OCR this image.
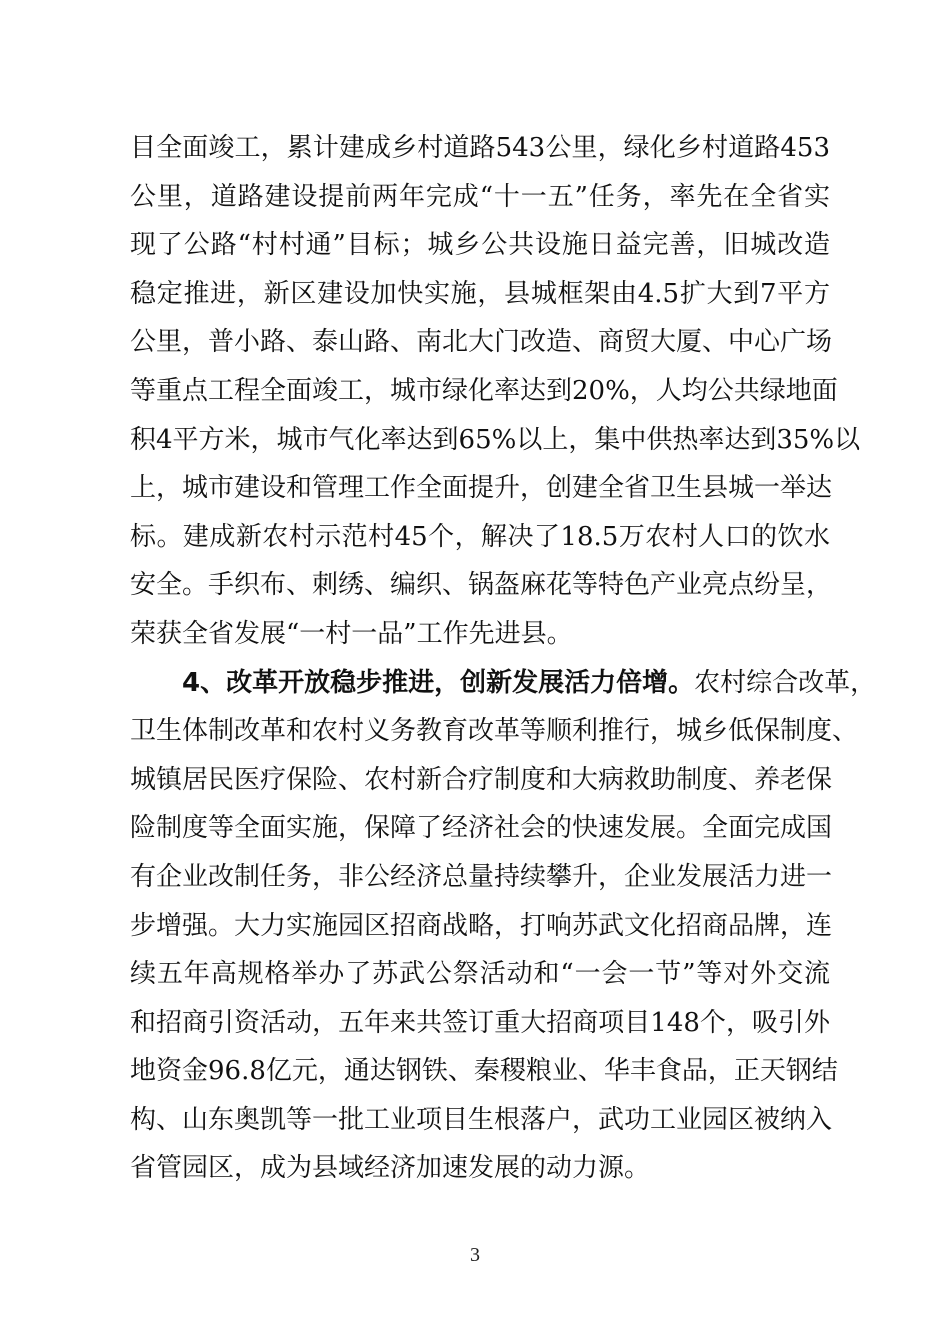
目全面竣工，累计建成乡村道路543公里，绿化乡村道路453
公里，道路建设提前两年完成“十一五”任务，率先在全省实
现了公路“村村通”目标；城乡公共设施日益完善，旧城改造
稳定推进，新区建设加快实施，县城框架由4.5扩大到7平方
公里，普小路、泰山路、南北大门改造、商贸大厦、中心广场
等重点工程全面竣工，城市绿化率达到20%，人均公共绿地面
积4平方米，城市气化率达到65%以上，集中供热率达到35%以
上，城市建设和管理工作全面提升，创建全省卫生县城一举达
标。建成新农村示范村45个，解决了18.5万农村人口的饮水
安全。手织布、刺绣、编织、锅盔麻花等特色产业亮点纷呈，
荣获全省发展“一村一品”工作先进县。
4、改革开放稳步推进，创新发展活力倍增。农村综合改革，
卫生体制改革和农村义务教育改革等顺利推行，城乡低保制度、
城镇居民医疗保险、农村新合疗制度和大病救助制度、养老保
险制度等全面实施，保障了经济社会的快速发展。全面完成国
有企业改制任务，非公经济总量持续攀升，企业发展活力进一
步增强。大力实施园区招商战略，打响苏武文化招商品牌，连
续五年高规格举办了苏武公祭活动和“一会一节”等对外交流
和招商引资活动，五年来共签订重大招商项目148个，吸引外
地资金96.8亿元，通达钢铁、秦稷粮业、华丰食品，正天钢结
构、山东奥凯等一批工业项目生根落户，武功工业园区被纳入
省管园区，成为县域经济加速发展的动力源。
3
